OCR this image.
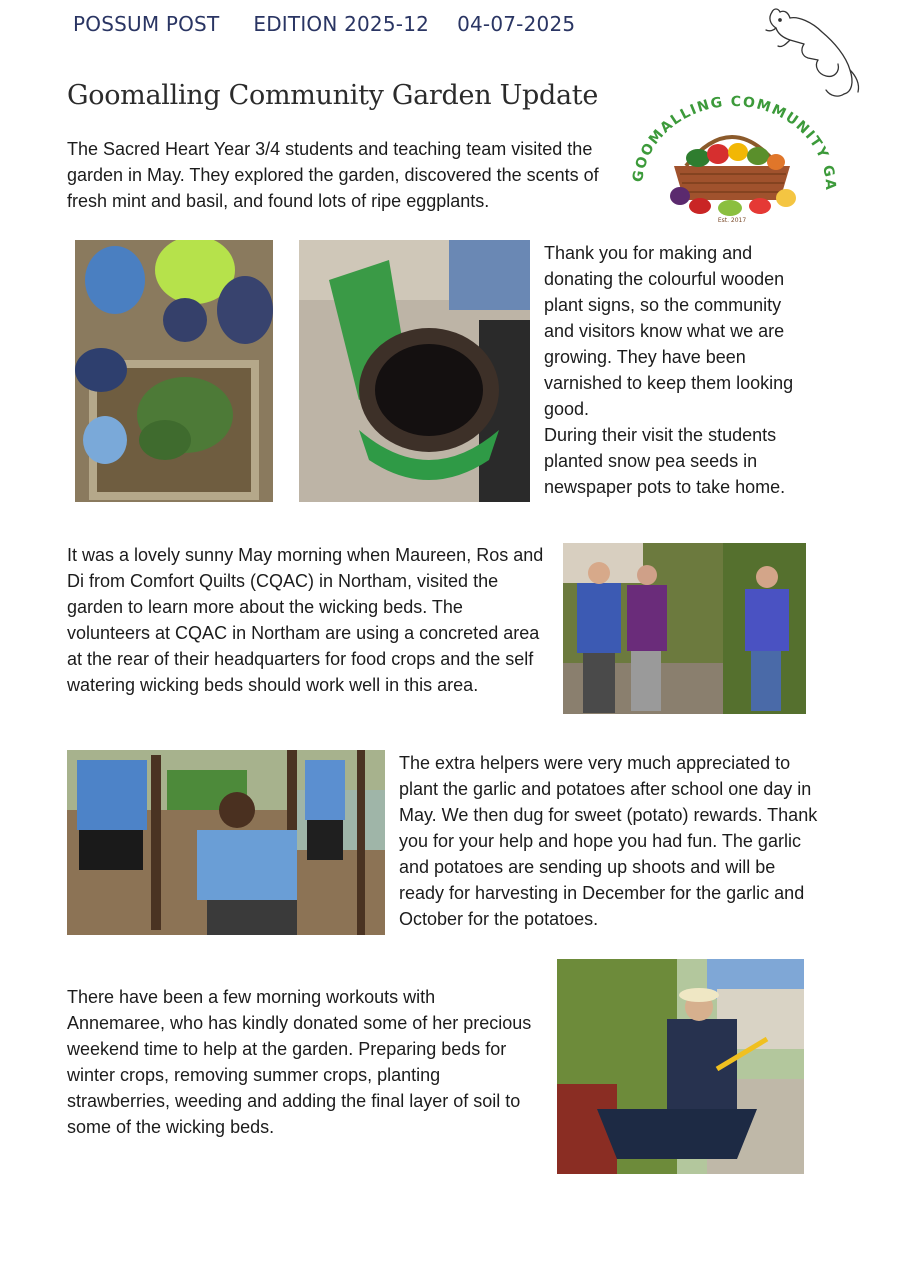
POSSUM POST EDITION 2025-12 04-07-2025
Goomalling Community Garden Update
GOOMALLING COMMUNITY GA
Est. 2017

The Sacred Heart Year 3/4 students and teaching team visited the garden in May. They explored the garden, discovered the scents of fresh mint and basil, and found lots of ripe eggplants.

Thank you for making and donating the colourful wooden plant signs, so the community and visitors know what we are growing. They have been varnished to keep them looking good.
During their visit the students planted snow pea seeds in newspaper pots to take home.

It was a lovely sunny May morning when Maureen, Ros and Di from Comfort Quilts (CQAC) in Northam, visited the garden to learn more about the wicking beds. The volunteers at CQAC in Northam are using a concreted area at the rear of their headquarters for food crops and the self watering wicking beds should work well in this area.

The extra helpers were very much appreciated to plant the garlic and potatoes after school one day in May. We then dug for sweet (potato) rewards. Thank you for your help and hope you had fun. The garlic and potatoes are sending up shoots and will be ready for harvesting in December for the garlic and October for the potatoes.

There have been a few morning workouts with Annemaree, who has kindly donated some of her precious weekend time to help at the garden. Preparing beds for winter crops, removing summer crops, planting strawberries, weeding and adding the final layer of soil to some of the wicking beds.
